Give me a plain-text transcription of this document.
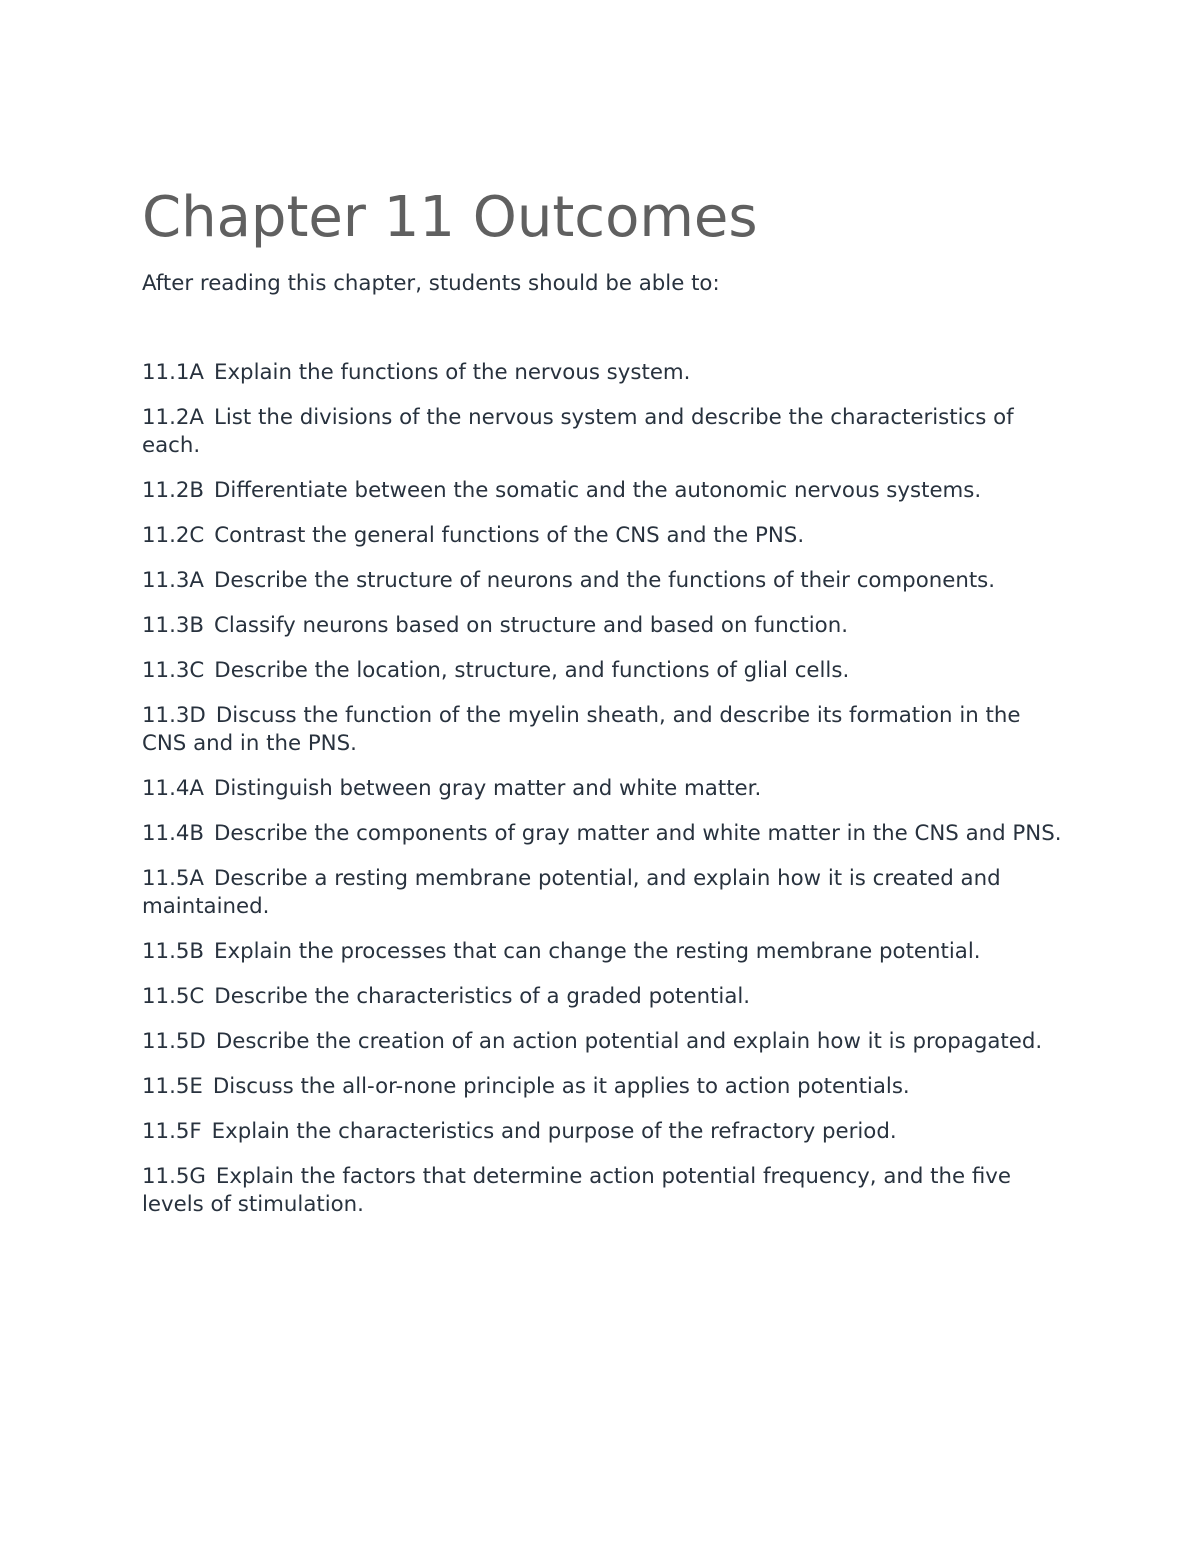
Chapter 11 Outcomes

After reading this chapter, students should be able to:

11.1A Explain the functions of the nervous system.

11.2A List the divisions of the nervous system and describe the characteristics of each.

11.2B Differentiate between the somatic and the autonomic nervous systems.

11.2C Contrast the general functions of the CNS and the PNS.

11.3A Describe the structure of neurons and the functions of their components.

11.3B Classify neurons based on structure and based on function.

11.3C Describe the location, structure, and functions of glial cells.

11.3D Discuss the function of the myelin sheath, and describe its formation in the CNS and in the PNS.

11.4A Distinguish between gray matter and white matter.

11.4B Describe the components of gray matter and white matter in the CNS and PNS.

11.5A Describe a resting membrane potential, and explain how it is created and maintained.

11.5B Explain the processes that can change the resting membrane potential.

11.5C Describe the characteristics of a graded potential.

11.5D Describe the creation of an action potential and explain how it is propagated.

11.5E Discuss the all-or-none principle as it applies to action potentials.

11.5F Explain the characteristics and purpose of the refractory period.

11.5G Explain the factors that determine action potential frequency, and the five levels of stimulation.
